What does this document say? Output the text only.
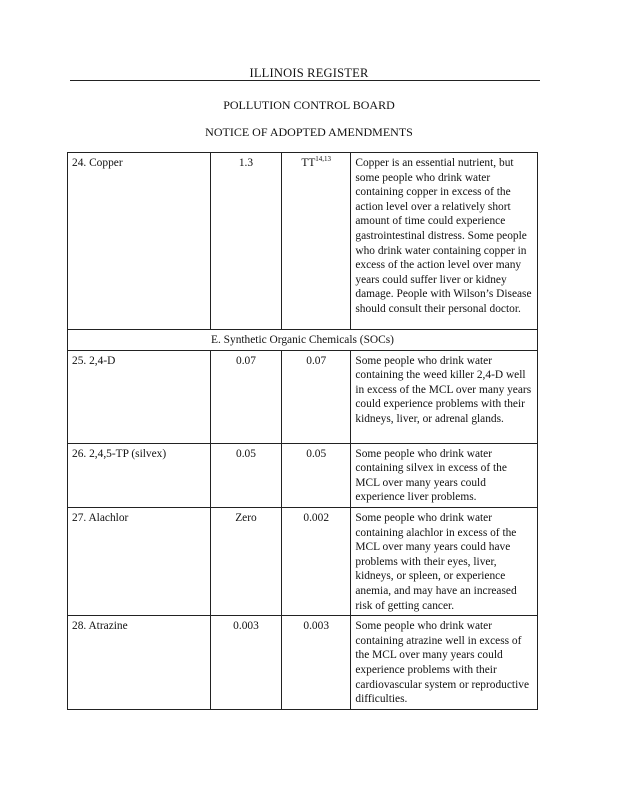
ILLINOIS REGISTER
POLLUTION CONTROL BOARD
NOTICE OF ADOPTED AMENDMENTS
24. Copper	1.3	TT$^{14,13}$	Copper is an essential nutrient, but some people who drink water containing copper in excess of the action level over a relatively short amount of time could experience gastrointestinal distress. Some people who drink water containing copper in excess of the action level over many years could suffer liver or kidney damage. People with Wilson’s Disease should consult their personal doctor.
E. Synthetic Organic Chemicals (SOCs)			
25. 2,4-D	0.07	0.07	Some people who drink water containing the weed killer 2,4-D well in excess of the MCL over many years could experience problems with their kidneys, liver, or adrenal glands.
26. 2,4,5-TP (silvex)	0.05	0.05	Some people who drink water containing silvex in excess of the MCL over many years could experience liver problems.
27. Alachlor	Zero	0.002	Some people who drink water containing alachlor in excess of the MCL over many years could have problems with their eyes, liver, kidneys, or spleen, or experience anemia, and may have an increased risk of getting cancer.
28. Atrazine	0.003	0.003	Some people who drink water containing atrazine well in excess of the MCL over many years could experience problems with their cardiovascular system or reproductive difficulties.
